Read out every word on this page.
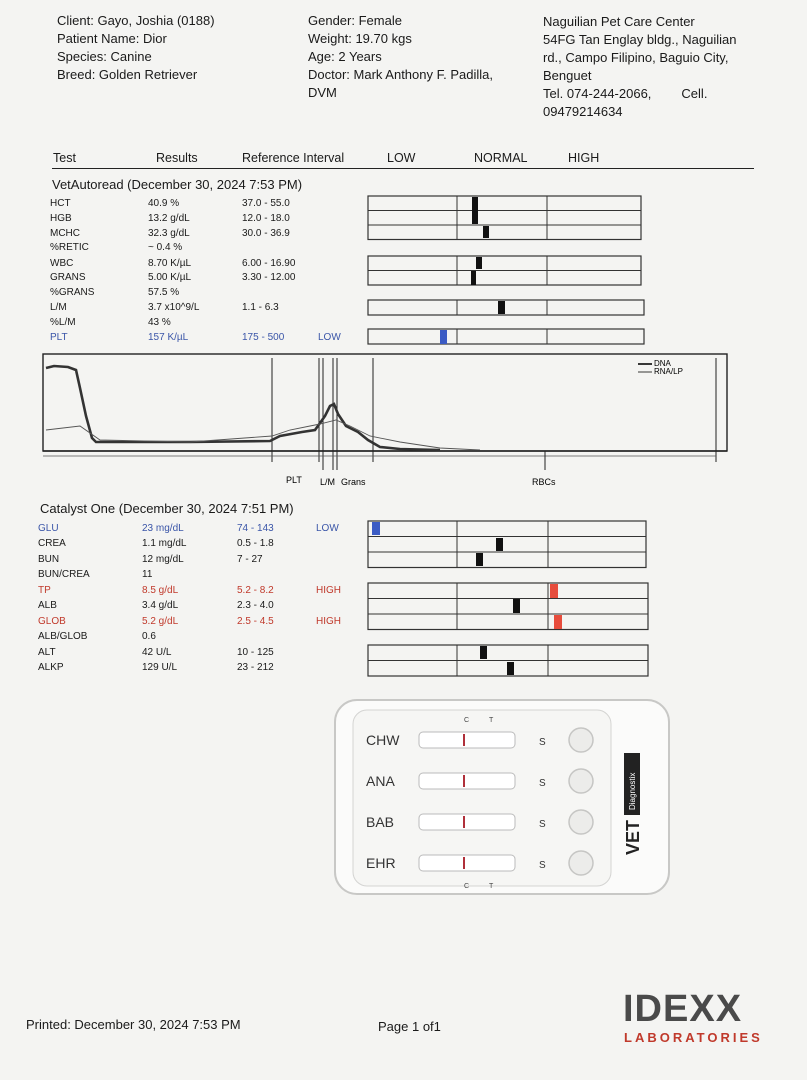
Client: Gayo, Joshia (0188)
Patient Name: Dior
Species: Canine
Breed: Golden Retriever
Gender: Female
Weight: 19.70 kgs
Age: 2 Years
Doctor: Mark Anthony F. Padilla,
DVM
Naguilian Pet Care Center
54FG Tan Englay bldg., Naguilian
rd., Campo Filipino, Baguio City,
Benguet
Tel. 074-244-2066, Cell.
09479214634
Test	Results	Reference Interval	LOW	NORMAL	HIGH
VetAutoread (December 30, 2024 7:53 PM)
HCT	40.9 %	37.0 - 55.0
HGB	13.2 g/dL	12.0 - 18.0
MCHC	32.3 g/dL	30.0 - 36.9
%RETIC	~ 0.4 %
WBC	8.70 K/µL	6.00 - 16.90
GRANS	5.00 K/µL	3.30 - 12.00
%GRANS	57.5 %
L/M	3.7 x10^9/L	1.1 - 6.3
%L/M	43 %
PLT	157 K/µL	175 - 500	LOW
DNA
RNA/LP
PLT L/M Grans	RBCs
Catalyst One (December 30, 2024 7:51 PM)
GLU	23 mg/dL	74 - 143	LOW
CREA	1.1 mg/dL	0.5 - 1.8
BUN	12 mg/dL	7 - 27
BUN/CREA	11
TP	8.5 g/dL	5.2 - 8.2	HIGH
ALB	3.4 g/dL	2.3 - 4.0
GLOB	5.2 g/dL	2.5 - 4.5	HIGH
ALB/GLOB	0.6
ALT	42 U/L	10 - 125
ALKP	129 U/L	23 - 212
C	T
C	T
CHW	S
ANA	S
BAB	S
EHR	S
VET
Diagnostix
Printed: December 30, 2024 7:53 PM	Page 1 of1	IDEXX
LABORATORIES
